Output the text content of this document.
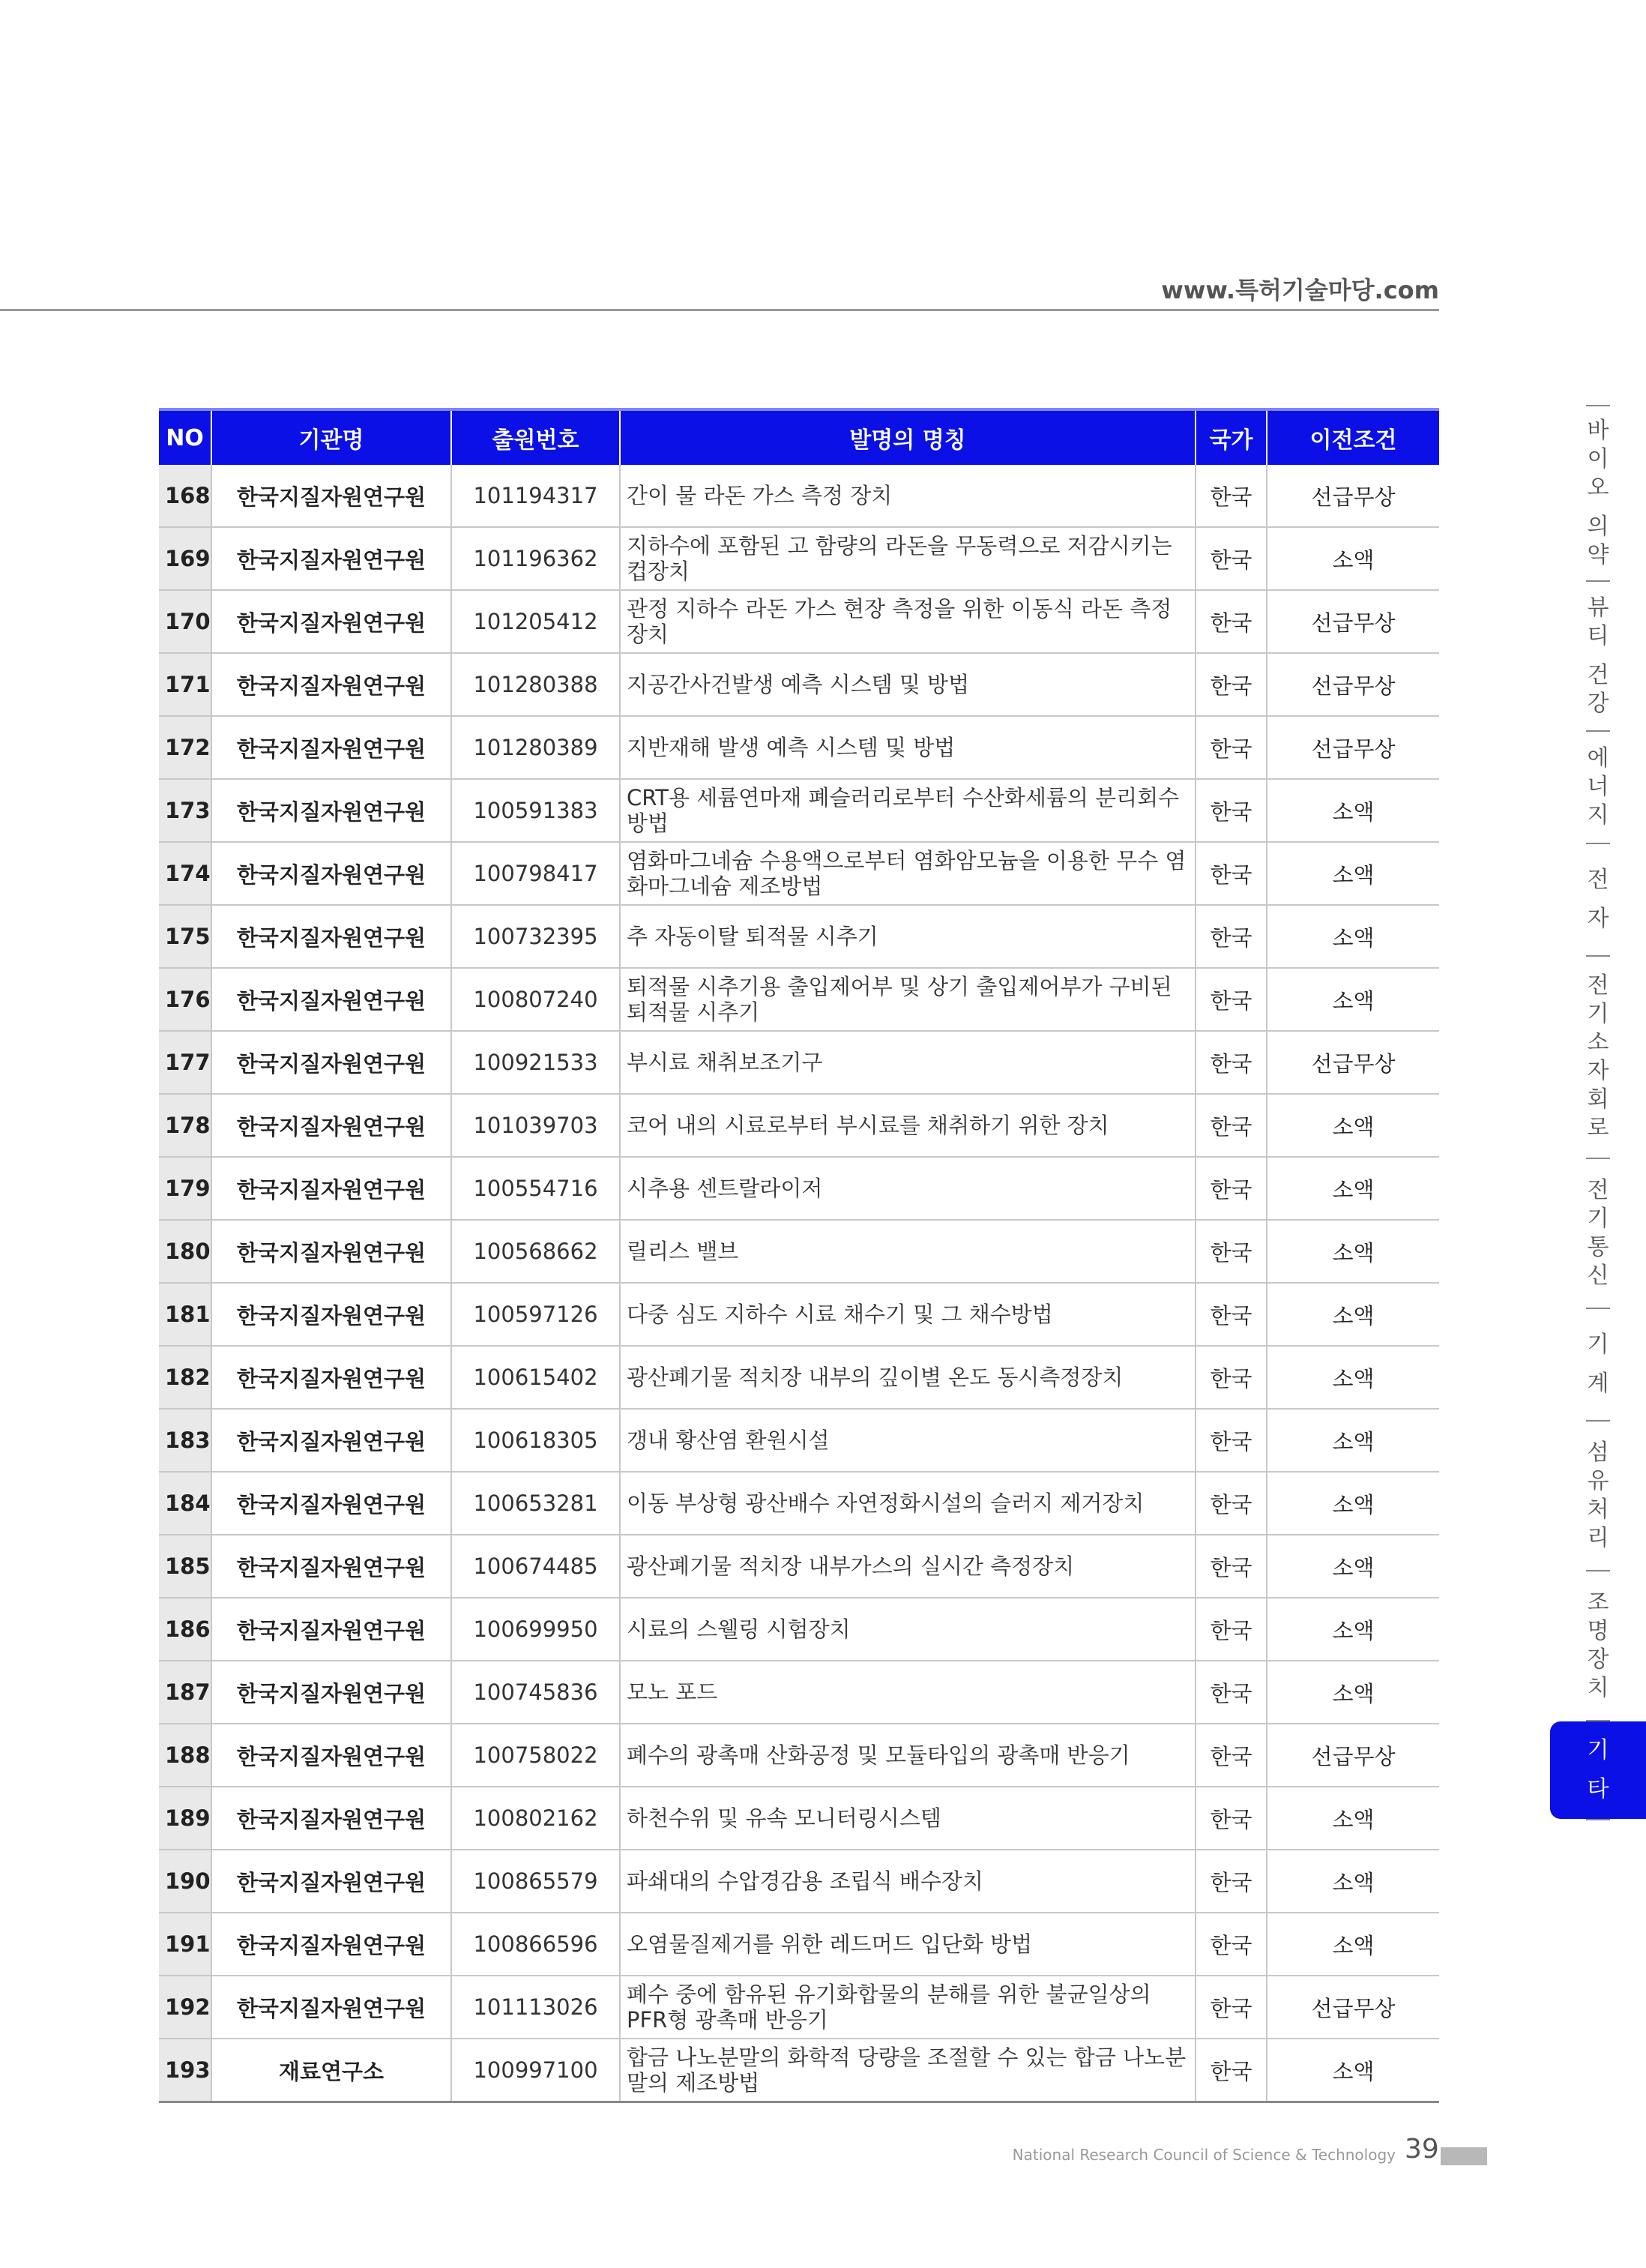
www.특허기술마당.com
NO	기관명	출원번호	발명의 명칭	국가	이전조건
168	한국지질자원연구원	101194317	간이 물 라돈 가스 측정 장치	한국	선급무상
169	한국지질자원연구원	101196362	지하수에 포함된 고 함량의 라돈을 무동력으로 저감시키는 컵장치	한국	소액
170	한국지질자원연구원	101205412	관정 지하수 라돈 가스 현장 측정을 위한 이동식 라돈 측정 장치	한국	선급무상
171	한국지질자원연구원	101280388	지공간사건발생 예측 시스템 및 방법	한국	선급무상
172	한국지질자원연구원	101280389	지반재해 발생 예측 시스템 및 방법	한국	선급무상
173	한국지질자원연구원	100591383	CRT용 세륨연마재 폐슬러리로부터 수산화세륨의 분리회수 방법	한국	소액
174	한국지질자원연구원	100798417	염화마그네슘 수용액으로부터 염화암모늄을 이용한 무수 염화마그네슘 제조방법	한국	소액
175	한국지질자원연구원	100732395	추 자동이탈 퇴적물 시추기	한국	소액
176	한국지질자원연구원	100807240	퇴적물 시추기용 출입제어부 및 상기 출입제어부가 구비된 퇴적물 시추기	한국	소액
177	한국지질자원연구원	100921533	부시료 채취보조기구	한국	선급무상
178	한국지질자원연구원	101039703	코어 내의 시료로부터 부시료를 채취하기 위한 장치	한국	소액
179	한국지질자원연구원	100554716	시추용 센트랄라이저	한국	소액
180	한국지질자원연구원	100568662	릴리스 밸브	한국	소액
181	한국지질자원연구원	100597126	다중 심도 지하수 시료 채수기 및 그 채수방법	한국	소액
182	한국지질자원연구원	100615402	광산폐기물 적치장 내부의 깊이별 온도 동시측정장치	한국	소액
183	한국지질자원연구원	100618305	갱내 황산염 환원시설	한국	소액
184	한국지질자원연구원	100653281	이동 부상형 광산배수 자연정화시설의 슬러지 제거장치	한국	소액
185	한국지질자원연구원	100674485	광산폐기물 적치장 내부가스의 실시간 측정장치	한국	소액
186	한국지질자원연구원	100699950	시료의 스웰링 시험장치	한국	소액
187	한국지질자원연구원	100745836	모노 포드	한국	소액
188	한국지질자원연구원	100758022	폐수의 광촉매 산화공정 및 모듈타입의 광촉매 반응기	한국	선급무상
189	한국지질자원연구원	100802162	하천수위 및 유속 모니터링시스템	한국	소액
190	한국지질자원연구원	100865579	파쇄대의 수압경감용 조립식 배수장치	한국	소액
191	한국지질자원연구원	100866596	오염물질제거를 위한 레드머드 입단화 방법	한국	소액
192	한국지질자원연구원	101113026	폐수 중에 함유된 유기화합물의 분해를 위한 불균일상의 PFR형 광촉매 반응기	한국	선급무상
193	재료연구소	100997100	합금 나노분말의 화학적 당량을 조절할 수 있는 합금 나노분말의 제조방법	한국	소액
바
이
오
의
약
뷰
티
건
강
에
너
지
전
자
전
기
소
자
회
로
전
기
통
신
기
계
섬
유
처
리
조
명
장
치
기
타
National Research Council of Science & Technology 39
